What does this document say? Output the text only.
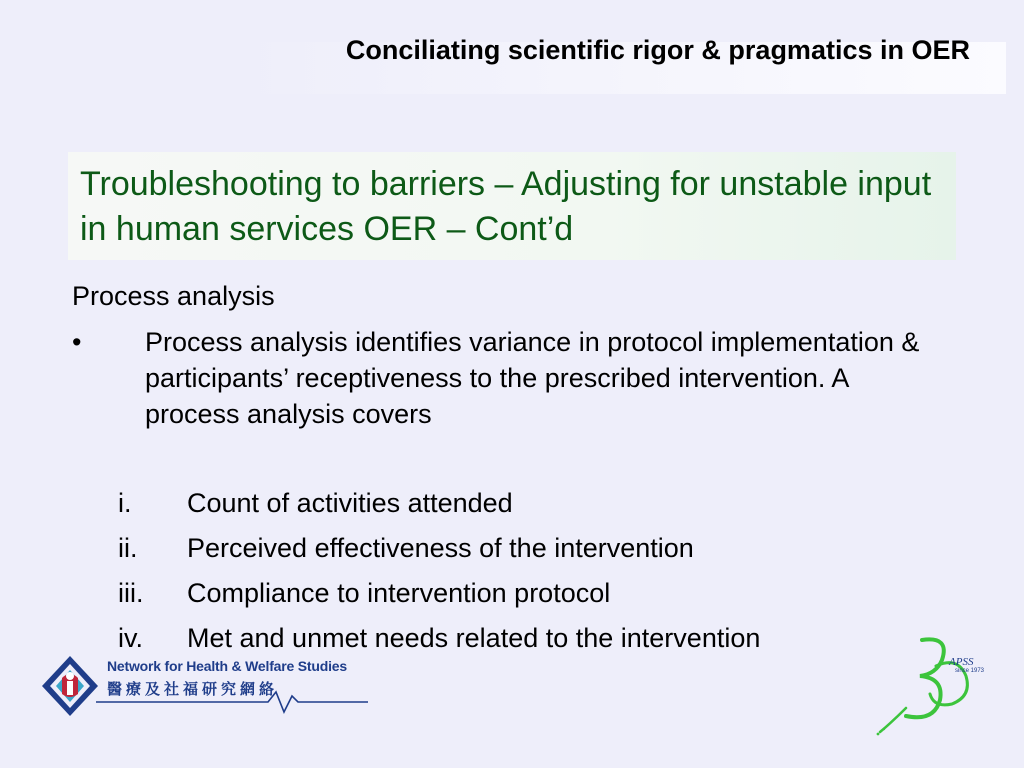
Conciliating scientific rigor & pragmatics in OER
Troubleshooting to barriers – Adjusting for unstable input in human services OER – Cont’d
Process analysis
• Process analysis identifies variance in protocol implementation & participants’ receptiveness to the prescribed intervention. A process analysis covers
i.	Count of activities attended
ii.	Perceived effectiveness of the intervention
iii.	Compliance to intervention protocol
iv.	Met and unmet needs related to the intervention
Network for Health & Welfare Studies
醫療及社福研究網絡
APSS
since 1973
